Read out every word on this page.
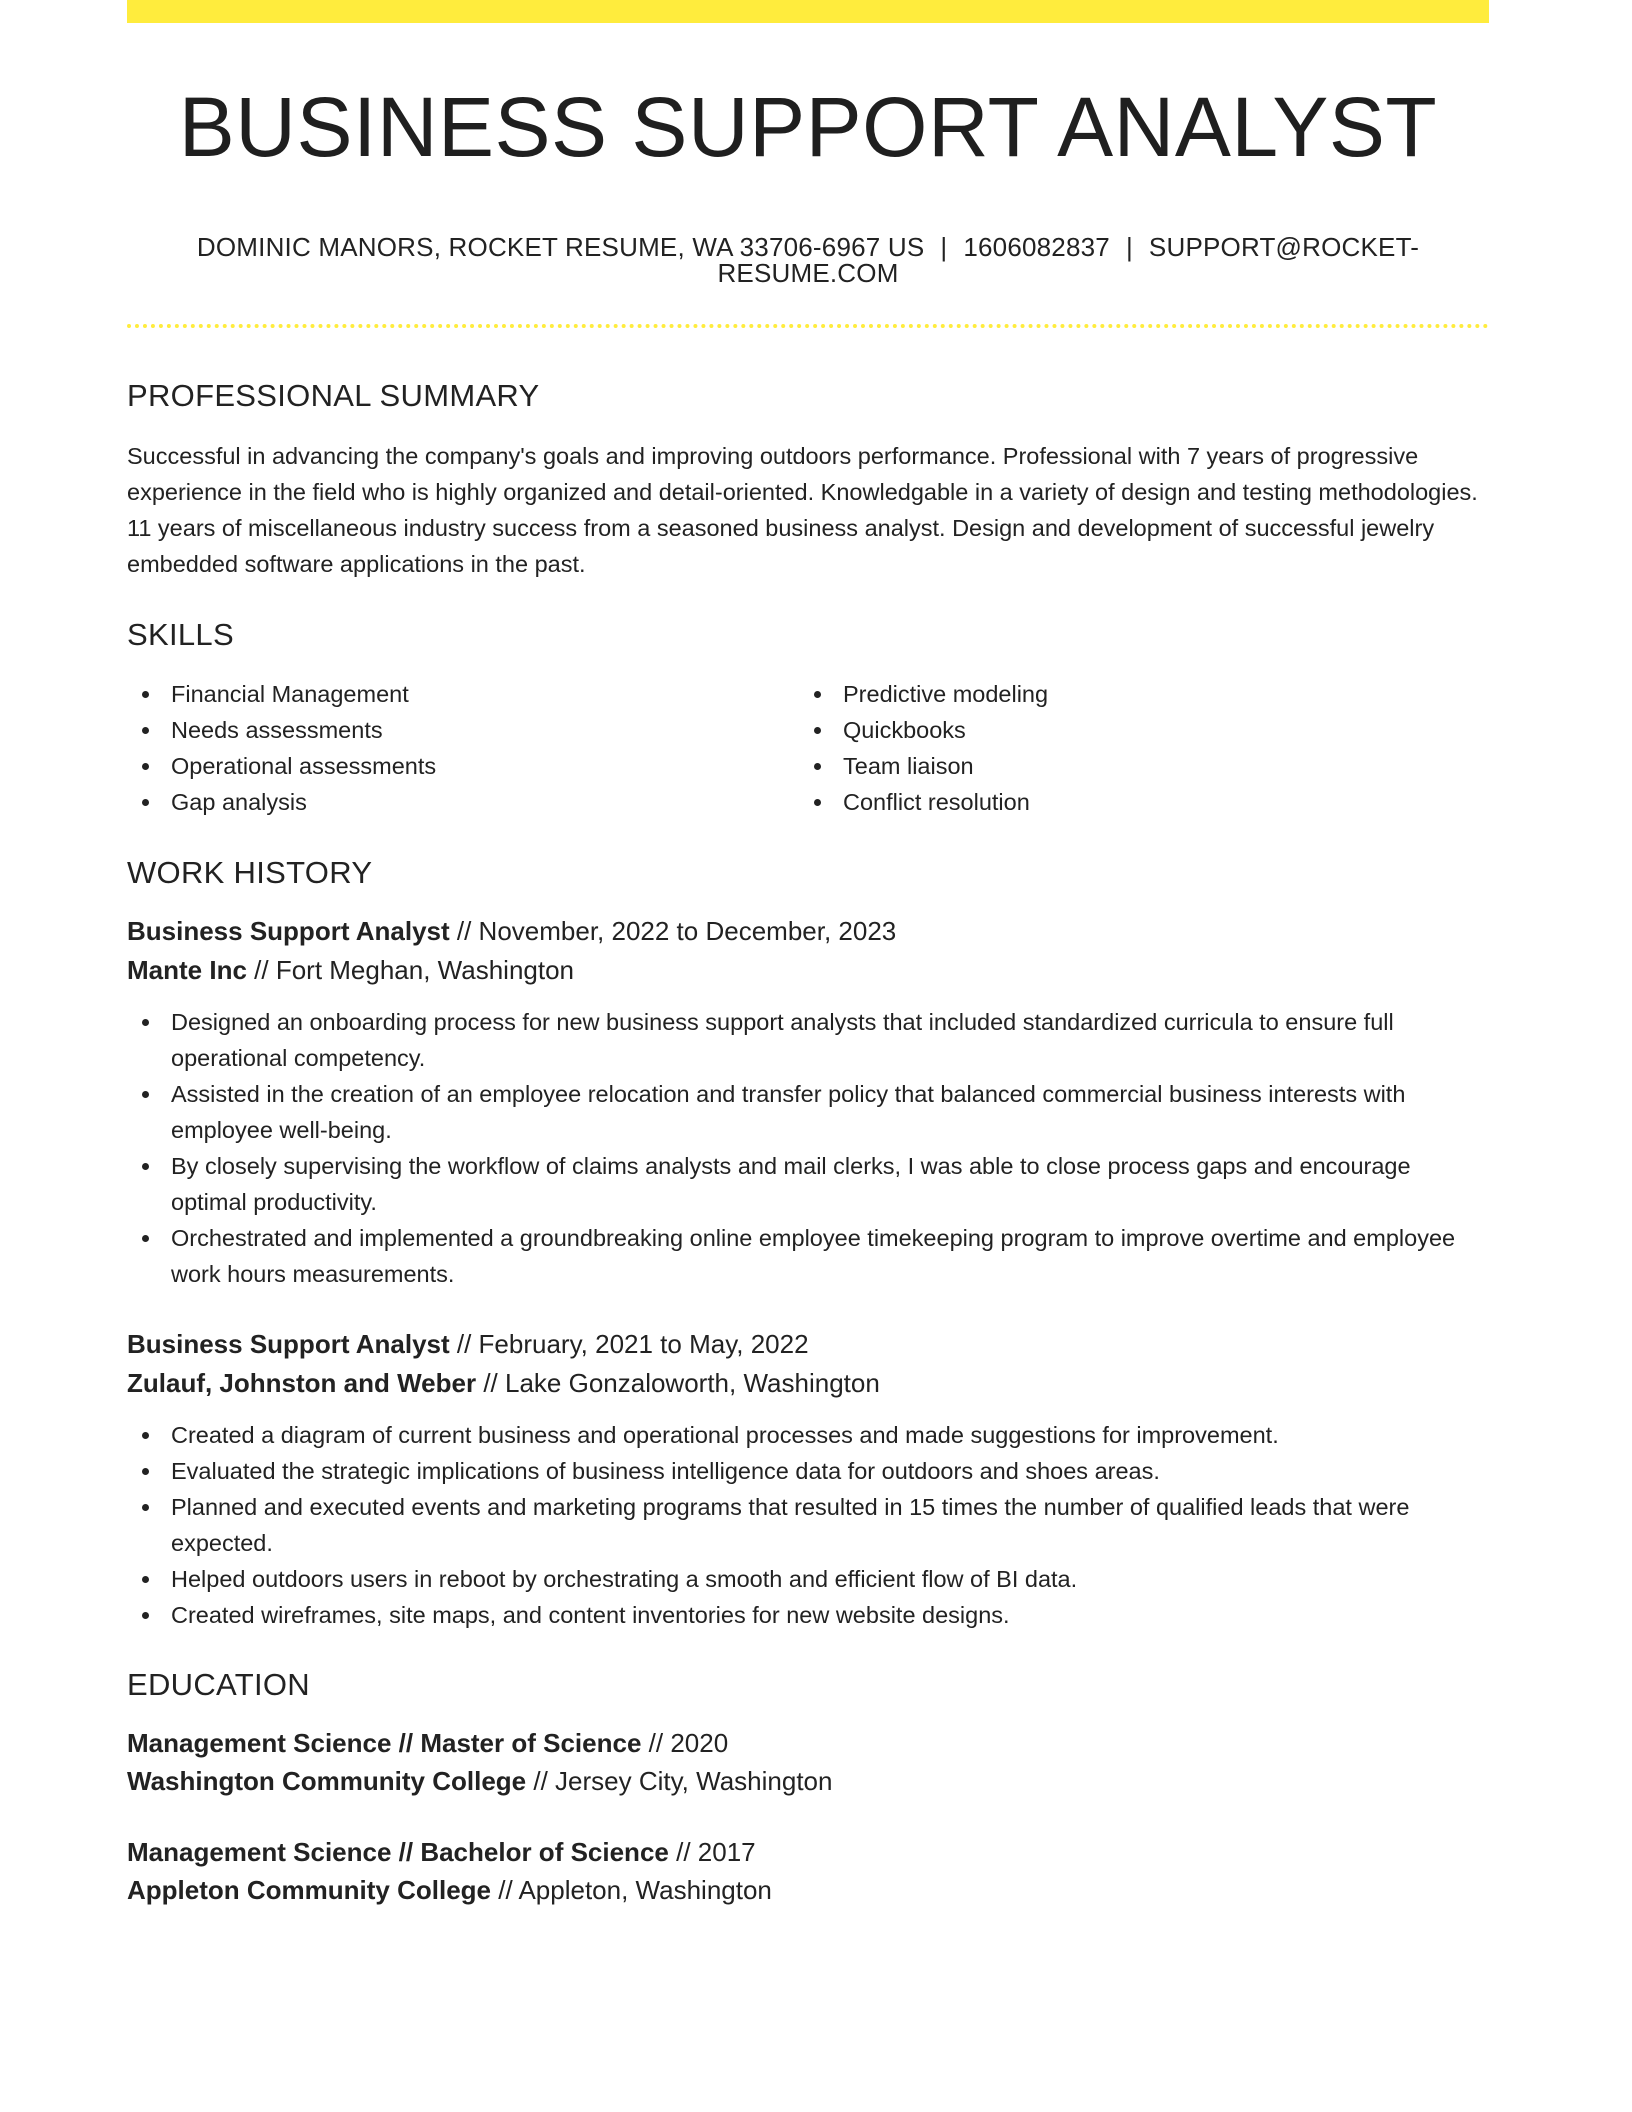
BUSINESS SUPPORT ANALYST
DOMINIC MANORS, ROCKET RESUME, WA 33706-6967 US | 1606082837 | SUPPORT@ROCKET-RESUME.COM
PROFESSIONAL SUMMARY

Successful in advancing the company's goals and improving outdoors performance. Professional with 7 years of progressive experience in the field who is highly organized and detail-oriented. Knowledgable in a variety of design and testing methodologies. 11 years of miscellaneous industry success from a seasoned business analyst. Design and development of successful jewelry embedded software applications in the past.

SKILLS
Financial Management
Needs assessments
Operational assessments
Gap analysis
Predictive modeling
Quickbooks
Team liaison
Conflict resolution
WORK HISTORY
Business Support Analyst // November, 2022 to December, 2023
Mante Inc // Fort Meghan, Washington
Designed an onboarding process for new business support analysts that included standardized curricula to ensure full operational competency.
Assisted in the creation of an employee relocation and transfer policy that balanced commercial business interests with employee well-being.
By closely supervising the workflow of claims analysts and mail clerks, I was able to close process gaps and encourage optimal productivity.
Orchestrated and implemented a groundbreaking online employee timekeeping program to improve overtime and employee work hours measurements.
Business Support Analyst // February, 2021 to May, 2022
Zulauf, Johnston and Weber // Lake Gonzaloworth, Washington
Created a diagram of current business and operational processes and made suggestions for improvement.
Evaluated the strategic implications of business intelligence data for outdoors and shoes areas.
Planned and executed events and marketing programs that resulted in 15 times the number of qualified leads that were expected.
Helped outdoors users in reboot by orchestrating a smooth and efficient flow of BI data.
Created wireframes, site maps, and content inventories for new website designs.
EDUCATION
Management Science // Master of Science // 2020
Washington Community College // Jersey City, Washington
Management Science // Bachelor of Science // 2017
Appleton Community College // Appleton, Washington
